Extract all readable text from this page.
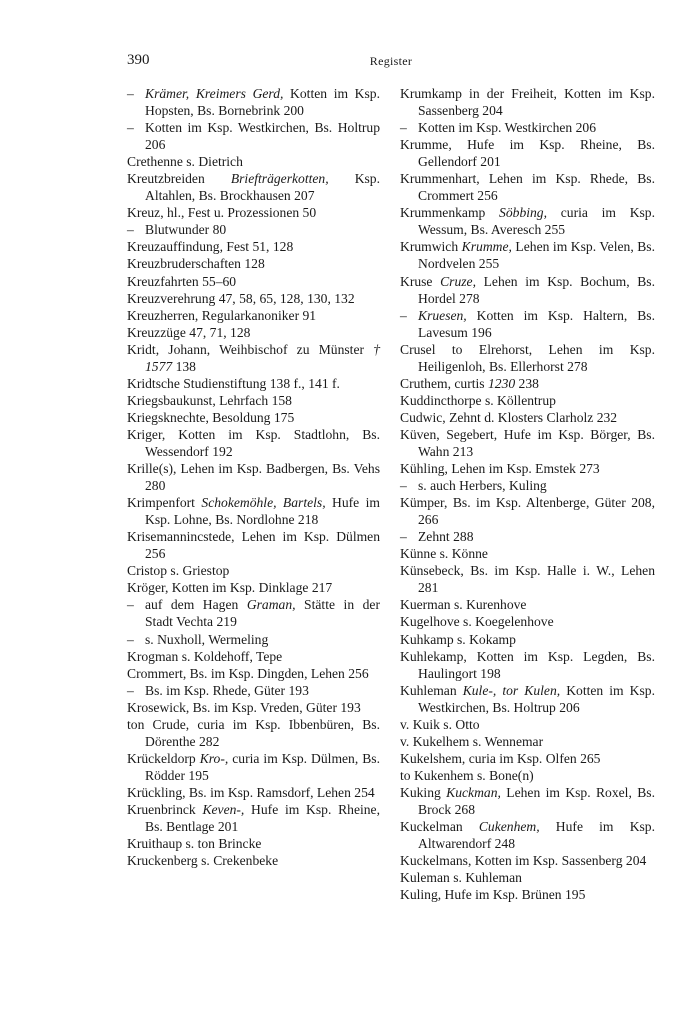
390	Register

– Krämer, Kreimers Gerd, Kotten im Ksp. Hopsten, Bs. Bornebrink 200

– Kotten im Ksp. Westkirchen, Bs. Holtrup 206

Crethenne s. Dietrich

Kreutzbreiden Briefträgerkotten, Ksp. Altahlen, Bs. Brockhausen 207

Kreuz, hl., Fest u. Prozessionen 50

– Blutwunder 80

Kreuzauffindung, Fest 51, 128

Kreuzbruderschaften 128

Kreuzfahrten 55–60

Kreuzverehrung 47, 58, 65, 128, 130, 132

Kreuzherren, Regularkanoniker 91

Kreuzzüge 47, 71, 128

Kridt, Johann, Weihbischof zu Münster † 1577 138

Kridtsche Studienstiftung 138 f., 141 f.

Kriegsbaukunst, Lehrfach 158

Kriegsknechte, Besoldung 175

Kriger, Kotten im Ksp. Stadtlohn, Bs. Wessendorf 192

Krille(s), Lehen im Ksp. Badbergen, Bs. Vehs 280

Krimpenfort Schokemöhle, Bartels, Hufe im Ksp. Lohne, Bs. Nordlohne 218

Krisemannincstede, Lehen im Ksp. Dülmen 256

Cristop s. Griestop

Kröger, Kotten im Ksp. Dinklage 217

– auf dem Hagen Graman, Stätte in der Stadt Vechta 219

– s. Nuxholl, Wermeling

Krogman s. Koldehoff, Tepe

Crommert, Bs. im Ksp. Dingden, Lehen 256

– Bs. im Ksp. Rhede, Güter 193

Krosewick, Bs. im Ksp. Vreden, Güter 193

ton Crude, curia im Ksp. Ibbenbüren, Bs. Dörenthe 282

Krückeldorp Kro-, curia im Ksp. Dülmen, Bs. Rödder 195

Krückling, Bs. im Ksp. Ramsdorf, Lehen 254

Kruenbrinck Keven-, Hufe im Ksp. Rheine, Bs. Bentlage 201

Kruithaup s. ton Brincke

Kruckenberg s. Crekenbeke

Krumkamp in der Freiheit, Kotten im Ksp. Sassenberg 204

– Kotten im Ksp. Westkirchen 206

Krumme, Hufe im Ksp. Rheine, Bs. Gellendorf 201

Krummenhart, Lehen im Ksp. Rhede, Bs. Crommert 256

Krummenkamp Söbbing, curia im Ksp. Wessum, Bs. Averesch 255

Krumwich Krumme, Lehen im Ksp. Velen, Bs. Nordvelen 255

Kruse Cruze, Lehen im Ksp. Bochum, Bs. Hordel 278

– Kruesen, Kotten im Ksp. Haltern, Bs. Lavesum 196

Crusel to Elrehorst, Lehen im Ksp. Heiligenloh, Bs. Ellerhorst 278

Cruthem, curtis 1230 238

Kuddincthorpe s. Köllentrup

Cudwic, Zehnt d. Klosters Clarholz 232

Küven, Segebert, Hufe im Ksp. Börger, Bs. Wahn 213

Kühling, Lehen im Ksp. Emstek 273

– s. auch Herbers, Kuling

Kümper, Bs. im Ksp. Altenberge, Güter 208, 266

– Zehnt 288

Künne s. Könne

Künsebeck, Bs. im Ksp. Halle i. W., Lehen 281

Kuerman s. Kurenhove

Kugelhove s. Koegelenhove

Kuhkamp s. Kokamp

Kuhlekamp, Kotten im Ksp. Legden, Bs. Haulingort 198

Kuhleman Kule-, tor Kulen, Kotten im Ksp. Westkirchen, Bs. Holtrup 206

v. Kuik s. Otto

v. Kukelhem s. Wennemar

Kukelshem, curia im Ksp. Olfen 265

to Kukenhem s. Bone(n)

Kuking Kuckman, Lehen im Ksp. Roxel, Bs. Brock 268

Kuckelman Cukenhem, Hufe im Ksp. Altwarendorf 248

Kuckelmans, Kotten im Ksp. Sassenberg 204

Kuleman s. Kuhleman

Kuling, Hufe im Ksp. Brünen 195
